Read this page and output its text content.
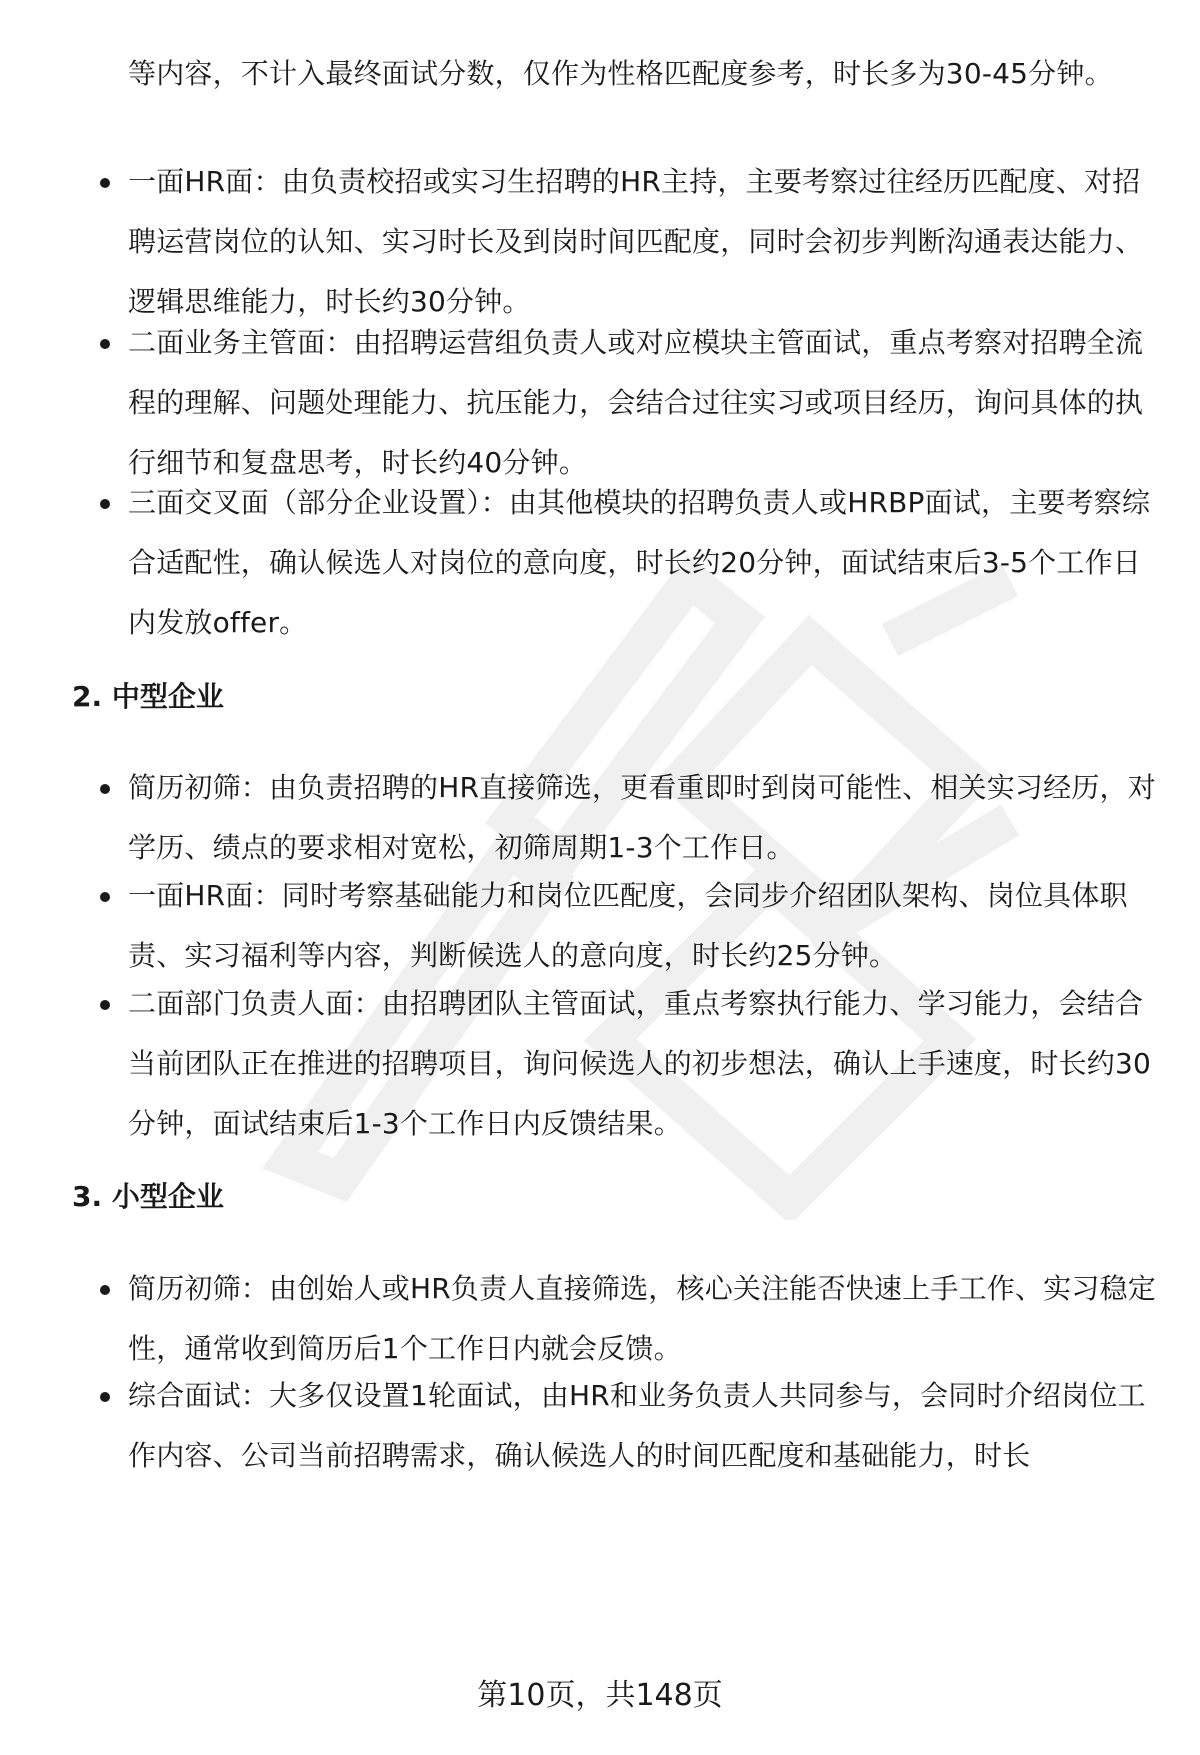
等内容，不计入最终面试分数，仅作为性格匹配度参考，时长多为30-45分钟。
一面HR面：由负责校招或实习生招聘的HR主持，主要考察过往经历匹配度、对招聘运营岗位的认知、实习时长及到岗时间匹配度，同时会初步判断沟通表达能力、逻辑思维能力，时长约30分钟。
二面业务主管面：由招聘运营组负责人或对应模块主管面试，重点考察对招聘全流程的理解、问题处理能力、抗压能力，会结合过往实习或项目经历，询问具体的执行细节和复盘思考，时长约40分钟。
三面交叉面（部分企业设置）：由其他模块的招聘负责人或HRBP面试，主要考察综合适配性，确认候选人对岗位的意向度，时长约20分钟，面试结束后3-5个工作日内发放offer。
2. 中型企业
简历初筛：由负责招聘的HR直接筛选，更看重即时到岗可能性、相关实习经历，对学历、绩点的要求相对宽松，初筛周期1-3个工作日。
一面HR面：同时考察基础能力和岗位匹配度，会同步介绍团队架构、岗位具体职责、实习福利等内容，判断候选人的意向度，时长约25分钟。
二面部门负责人面：由招聘团队主管面试，重点考察执行能力、学习能力，会结合当前团队正在推进的招聘项目，询问候选人的初步想法，确认上手速度，时长约30分钟，面试结束后1-3个工作日内反馈结果。
3. 小型企业
简历初筛：由创始人或HR负责人直接筛选，核心关注能否快速上手工作、实习稳定性，通常收到简历后1个工作日内就会反馈。
综合面试：大多仅设置1轮面试，由HR和业务负责人共同参与，会同时介绍岗位工作内容、公司当前招聘需求，确认候选人的时间匹配度和基础能力，时长
第10页，共148页
